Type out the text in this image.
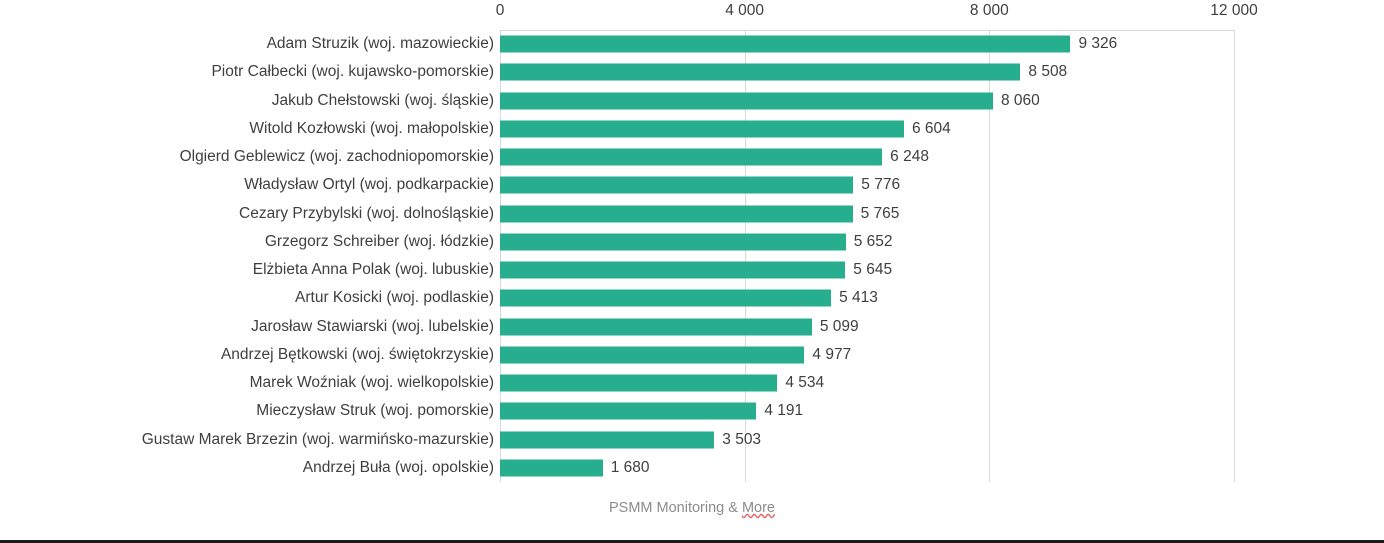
0	4 000	8 000	12 000
Adam Struzik (woj. mazowieckie)	9 326
Piotr Całbecki (woj. kujawsko-pomorskie)	8 508
Jakub Chełstowski (woj. śląskie)	8 060
Witold Kozłowski (woj. małopolskie)	6 604
Olgierd Geblewicz (woj. zachodniopomorskie)	6 248
Władysław Ortyl (woj. podkarpackie)	5 776
Cezary Przybylski (woj. dolnośląskie)	5 765
Grzegorz Schreiber (woj. łódzkie)	5 652
Elżbieta Anna Polak (woj. lubuskie)	5 645
Artur Kosicki (woj. podlaskie)	5 413
Jarosław Stawiarski (woj. lubelskie)	5 099
Andrzej Bętkowski (woj. świętokrzyskie)	4 977
Marek Woźniak (woj. wielkopolskie)	4 534
Mieczysław Struk (woj. pomorskie)	4 191
Gustaw Marek Brzezin (woj. warmińsko-mazurskie)	3 503
Andrzej Buła (woj. opolskie)	1 680
PSMM Monitoring & More
